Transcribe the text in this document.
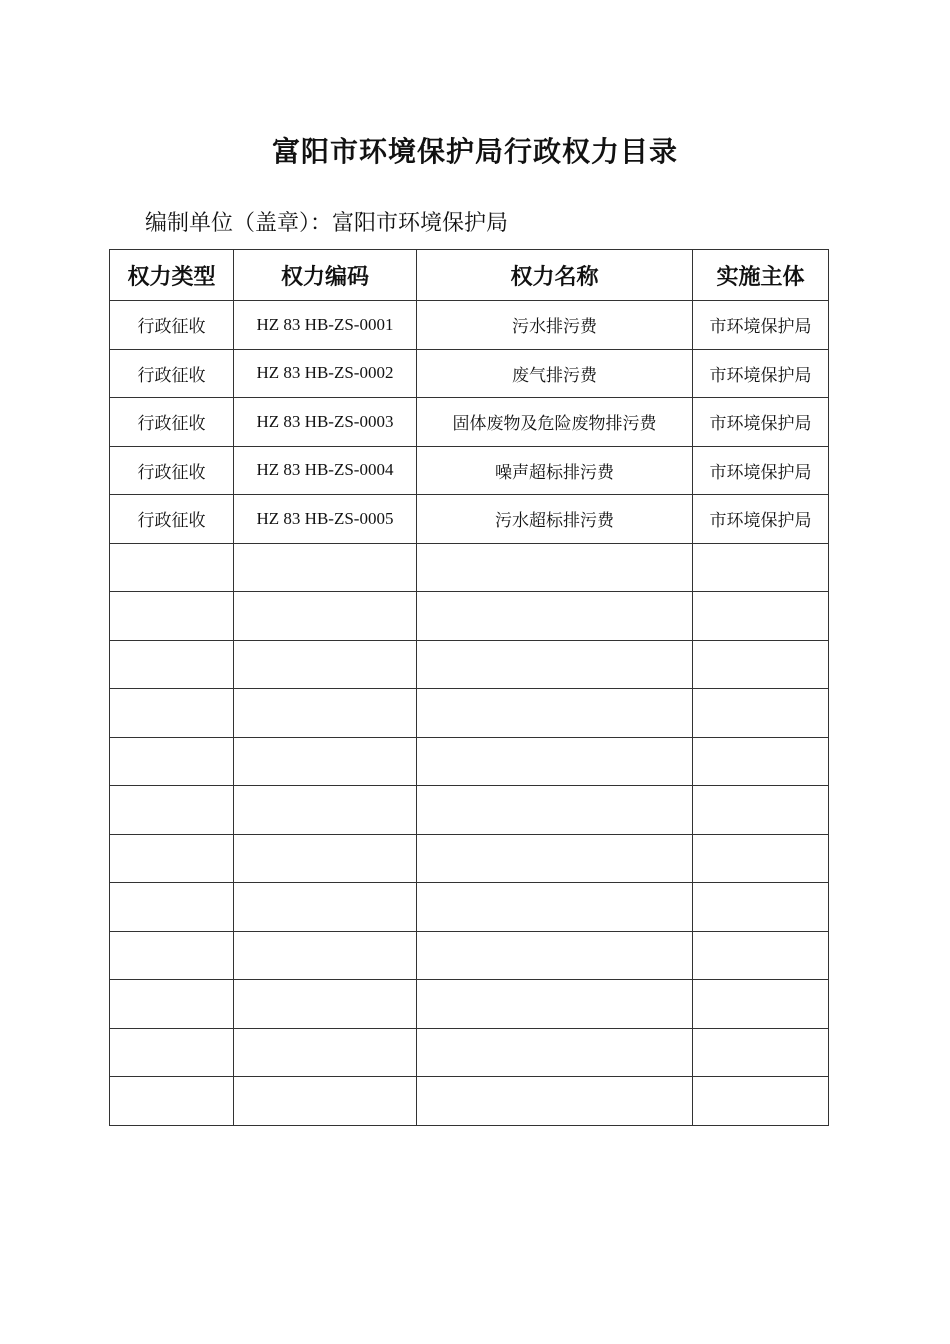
富阳市环境保护局行政权力目录
编制单位（盖章）：富阳市环境保护局
权力类型	权力编码	权力名称	实施主体
行政征收	HZ 83 HB-ZS-0001	污水排污费	市环境保护局
行政征收	HZ 83 HB-ZS-0002	废气排污费	市环境保护局
行政征收	HZ 83 HB-ZS-0003	固体废物及危险废物排污费	市环境保护局
行政征收	HZ 83 HB-ZS-0004	噪声超标排污费	市环境保护局
行政征收	HZ 83 HB-ZS-0005	污水超标排污费	市环境保护局
